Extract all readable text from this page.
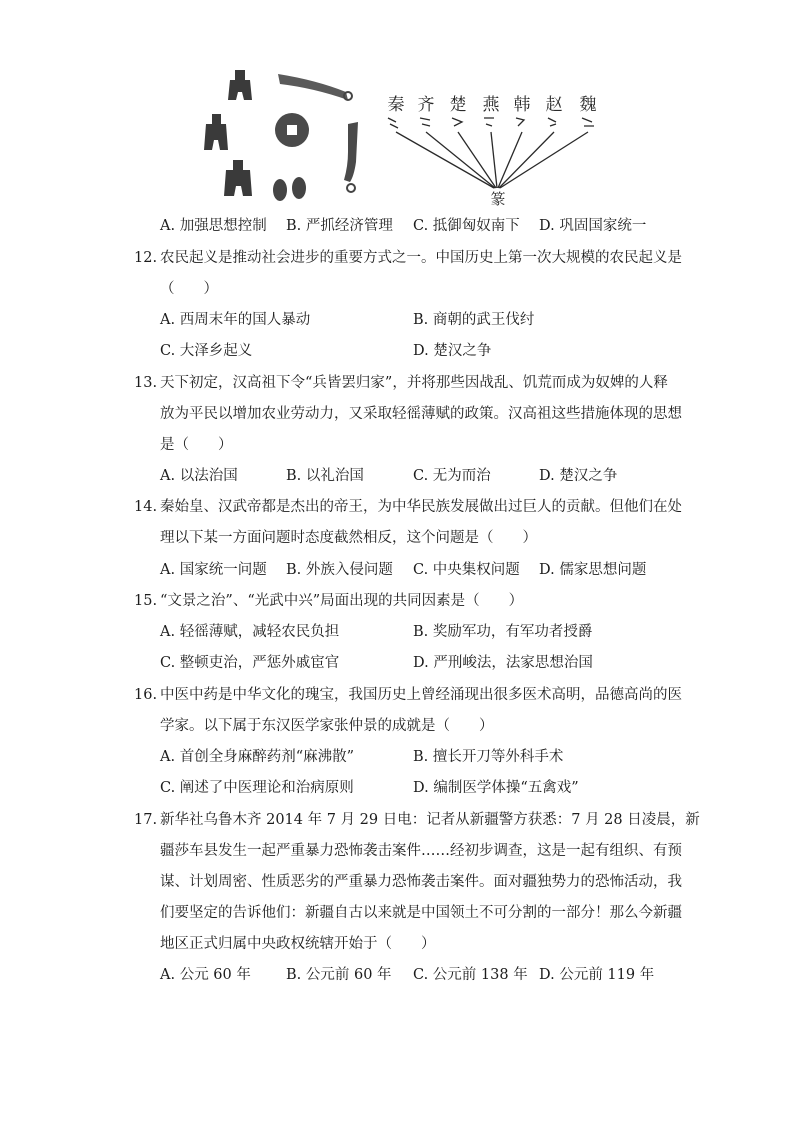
秦 齐 楚 燕 韩 赵	魏
篆
A. 加强思想控制 B. 严抓经济管理 C. 抵御匈奴南下 D. 巩固国家统一
12. 农民起义是推动社会进步的重要方式之一。中国历史上第一次大规模的农民起义是
（　　）
A. 西周末年的国人暴动	B. 商朝的武王伐纣
C. 大泽乡起义	D. 楚汉之争
13. 天下初定，汉高祖下令“兵皆罢归家”，并将那些因战乱、饥荒而成为奴婢的人释
放为平民以增加农业劳动力，又采取轻徭薄赋的政策。汉高祖这些措施体现的思想
是（　　）
A. 以法治国	B. 以礼治国	C. 无为而治	D. 楚汉之争
14. 秦始皇、汉武帝都是杰出的帝王，为中华民族发展做出过巨人的贡献。但他们在处
理以下某一方面问题时态度截然相反，这个问题是（　　）
A. 国家统一问题 B. 外族入侵问题 C. 中央集权问题 D. 儒家思想问题
15. “文景之治”、“光武中兴”局面出现的共同因素是（　　）
A. 轻徭薄赋，减轻农民负担	B. 奖励军功，有军功者授爵
C. 整顿吏治，严惩外戚宦官	D. 严刑峻法，法家思想治国
16. 中医中药是中华文化的瑰宝，我国历史上曾经涌现出很多医术高明，品德高尚的医
学家。以下属于东汉医学家张仲景的成就是（　　）
A. 首创全身麻醉药剂“麻沸散”	B. 擅长开刀等外科手术
C. 阐述了中医理论和治病原则	D. 编制医学体操“五禽戏”
17. 新华社乌鲁木齐 2014 年 7 月 29 日电：记者从新疆警方获悉：7 月 28 日凌晨，新
疆莎车县发生一起严重暴力恐怖袭击案件……经初步调查，这是一起有组织、有预
谋、计划周密、性质恶劣的严重暴力恐怖袭击案件。面对疆独势力的恐怖活动，我
们要坚定的告诉他们：新疆自古以来就是中国领土不可分割的一部分！那么今新疆
地区正式归属中央政权统辖开始于（　　）
A. 公元 60 年 B. 公元前 60 年 C. 公元前 138 年 D. 公元前 119 年
